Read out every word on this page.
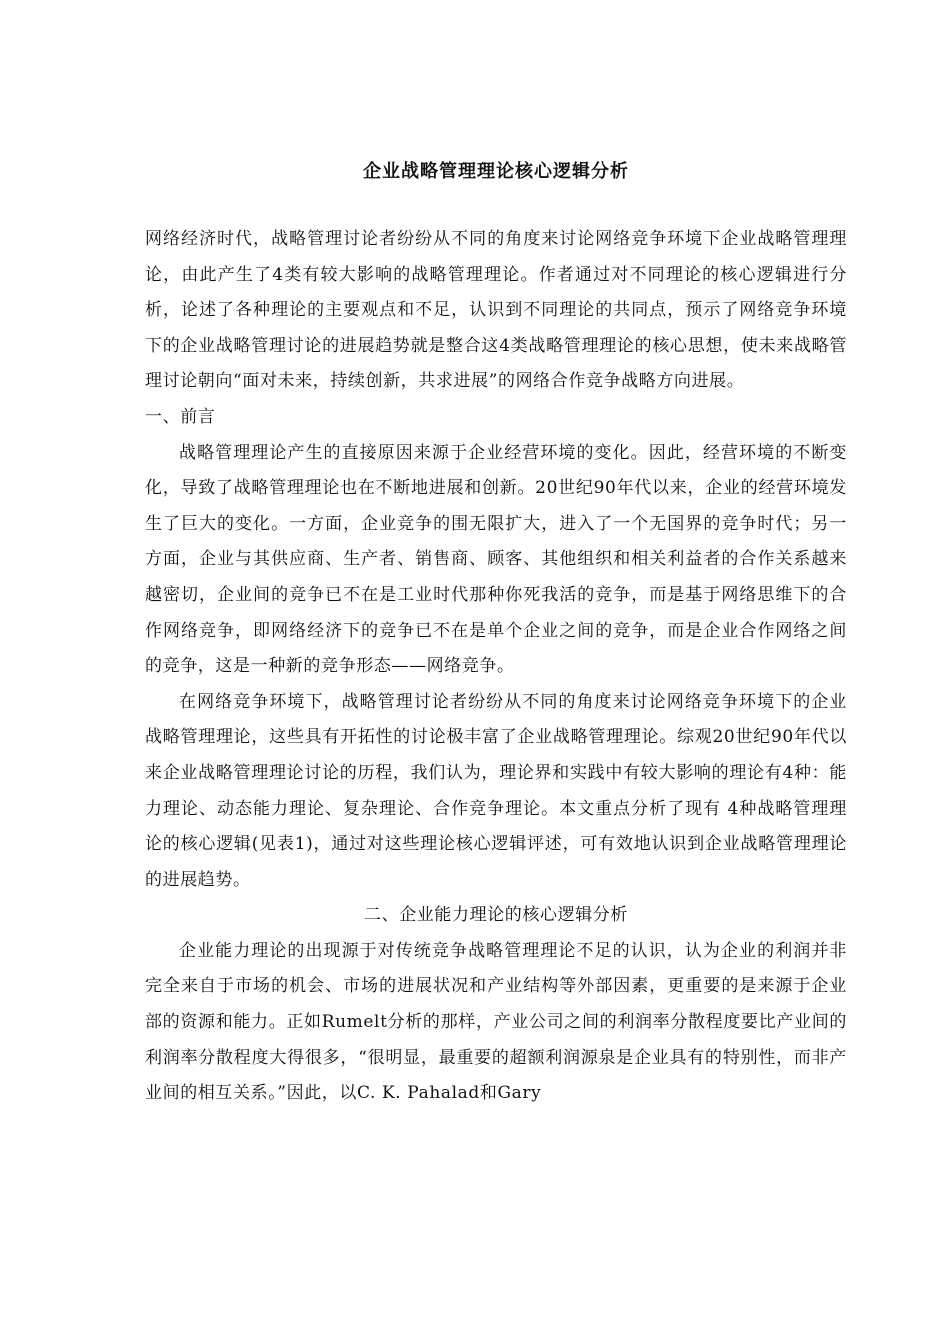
企业战略管理理论核心逻辑分析

网络经济时代，战略管理讨论者纷纷从不同的角度来讨论网络竞争环境下企业战略管理理论，由此产生了4类有较大影响的战略管理理论。作者通过对不同理论的核心逻辑进行分析，论述了各种理论的主要观点和不足，认识到不同理论的共同点，预示了网络竞争环境下的企业战略管理讨论的进展趋势就是整合这4类战略管理理论的核心思想，使未来战略管理讨论朝向“面对未来，持续创新，共求进展”的网络合作竞争战略方向进展。

一、前言

战略管理理论产生的直接原因来源于企业经营环境的变化。因此，经营环境的不断变化，导致了战略管理理论也在不断地进展和创新。20世纪90年代以来，企业的经营环境发生了巨大的变化。一方面，企业竞争的围无限扩大，进入了一个无国界的竞争时代；另一方面，企业与其供应商、生产者、销售商、顾客、其他组织和相关利益者的合作关系越来越密切，企业间的竞争已不在是工业时代那种你死我活的竞争，而是基于网络思维下的合作网络竞争，即网络经济下的竞争已不在是单个企业之间的竞争，而是企业合作网络之间的竞争，这是一种新的竞争形态——网络竞争。

在网络竞争环境下，战略管理讨论者纷纷从不同的角度来讨论网络竞争环境下的企业战略管理理论，这些具有开拓性的讨论极丰富了企业战略管理理论。综观20世纪90年代以来企业战略管理理论讨论的历程，我们认为，理论界和实践中有较大影响的理论有4种：能力理论、动态能力理论、复杂理论、合作竞争理论。本文重点分析了现有 4种战略管理理论的核心逻辑(见表1)，通过对这些理论核心逻辑评述，可有效地认识到企业战略管理理论的进展趋势。

二、企业能力理论的核心逻辑分析

企业能力理论的出现源于对传统竞争战略管理理论不足的认识，认为企业的利润并非完全来自于市场的机会、市场的进展状况和产业结构等外部因素，更重要的是来源于企业部的资源和能力。正如Rumelt分析的那样，产业公司之间的利润率分散程度要比产业间的利润率分散程度大得很多，“很明显，最重要的超额利润源泉是企业具有的特别性，而非产业间的相互关系。”因此，以C. K. Pahalad和Gary
